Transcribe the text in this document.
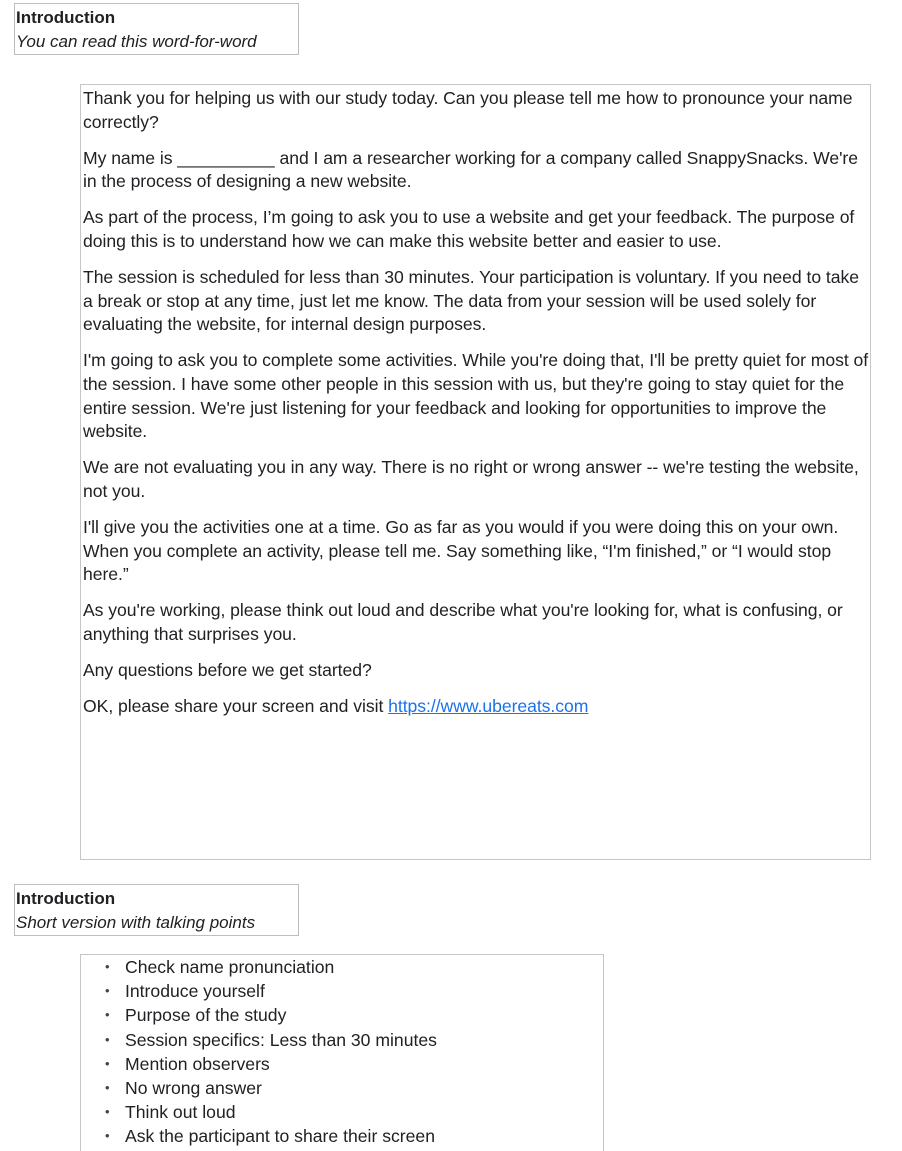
Introduction
You can read this word-for-word

Thank you for helping us with our study today. Can you please tell me how to pronounce your name correctly?

My name is __________ and I am a researcher working for a company called SnappySnacks. We're in the process of designing a new website.

As part of the process, I’m going to ask you to use a website and get your feedback. The purpose of doing this is to understand how we can make this website better and easier to use.

The session is scheduled for less than 30 minutes. Your participation is voluntary. If you need to take a break or stop at any time, just let me know. The data from your session will be used solely for evaluating the website, for internal design purposes.

I'm going to ask you to complete some activities. While you're doing that, I'll be pretty quiet for most of the session. I have some other people in this session with us, but they're going to stay quiet for the entire session. We're just listening for your feedback and looking for opportunities to improve the website.

We are not evaluating you in any way. There is no right or wrong answer -- we're testing the website, not you.

I'll give you the activities one at a time. Go as far as you would if you were doing this on your own. When you complete an activity, please tell me. Say something like, “I'm finished,” or “I would stop here.”

As you're working, please think out loud and describe what you're looking for, what is confusing, or anything that surprises you.

Any questions before we get started?

OK, please share your screen and visit https://www.ubereats.com

Introduction
Short version with talking points
• Check name pronunciation
• Introduce yourself
• Purpose of the study
• Session specifics: Less than 30 minutes
• Mention observers
• No wrong answer
• Think out loud
• Ask the participant to share their screen
